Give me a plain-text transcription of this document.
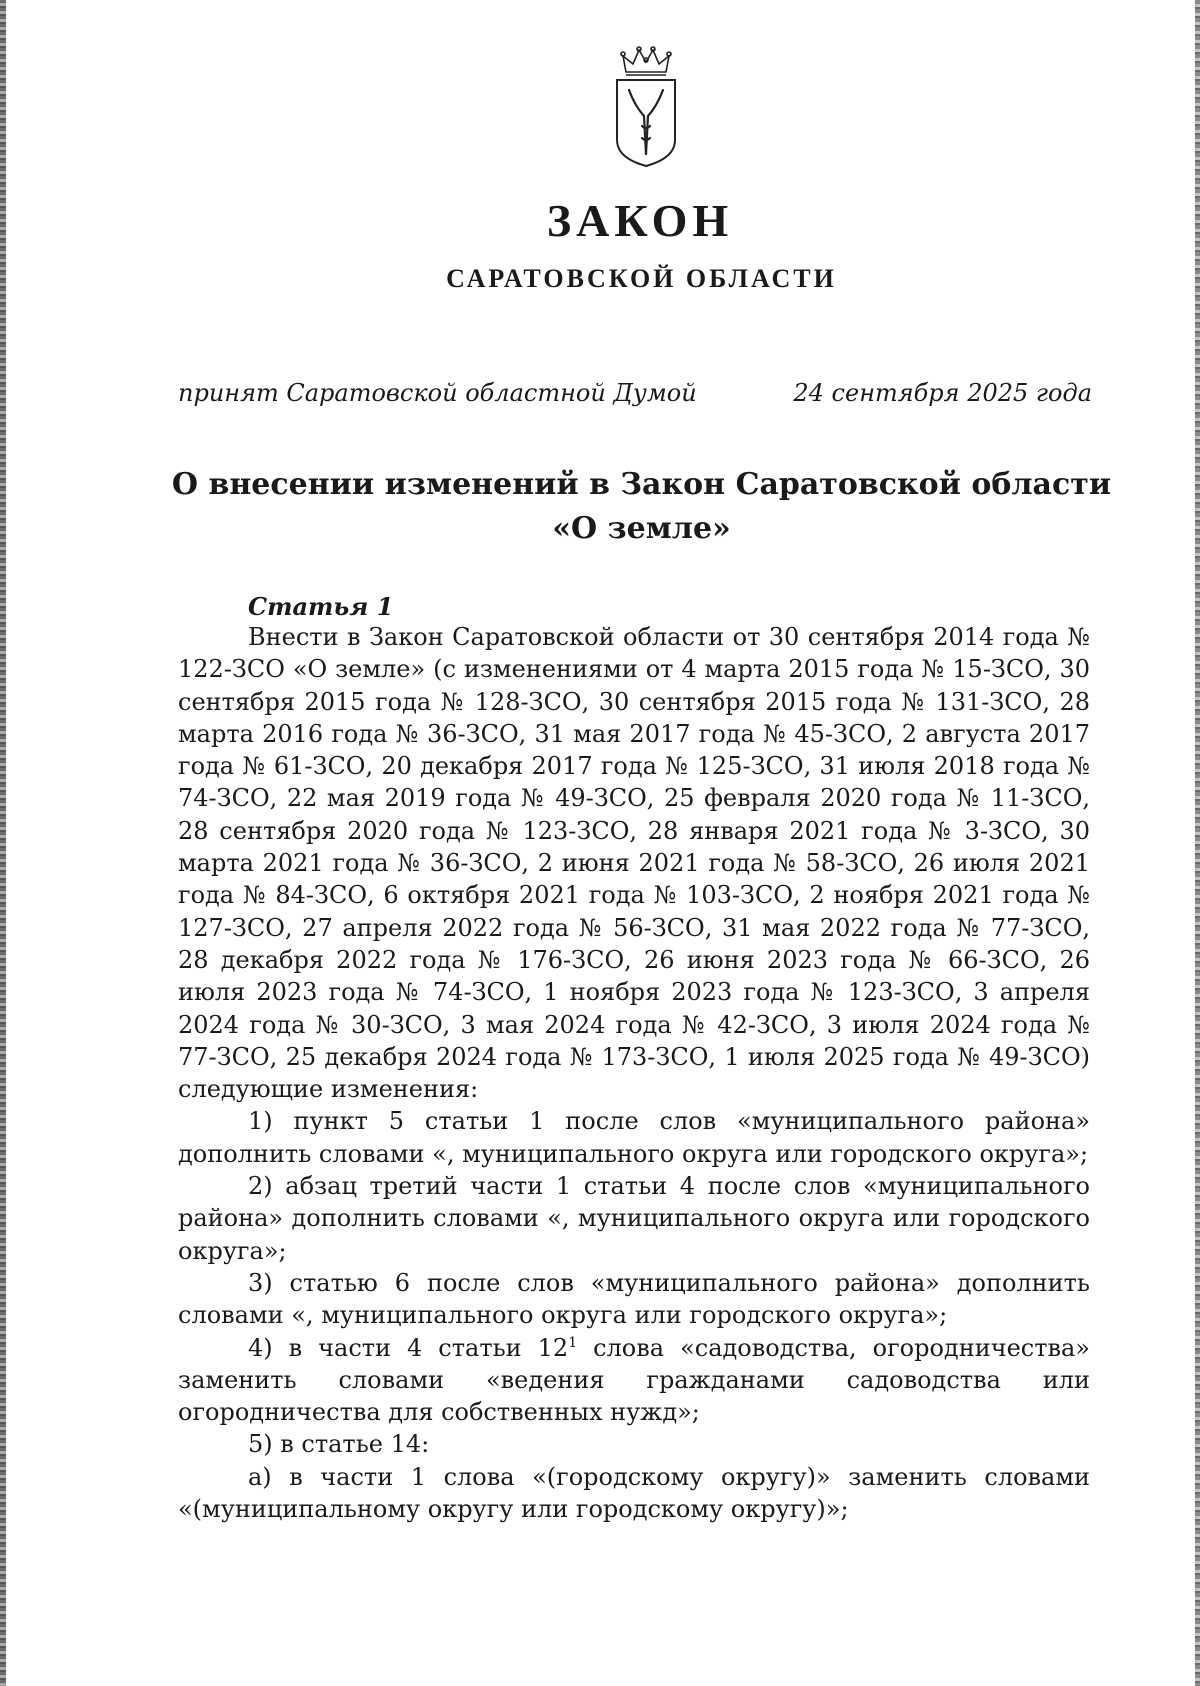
ЗАКОН
САРАТОВСКОЙ ОБЛАСТИ
принят Саратовской областной Думой	24 сентября 2025 года
О внесении изменений в Закон Саратовской области
«О земле»
Статья 1

Внести в Закон Саратовской области от 30 сентября 2014 года № 122-ЗСО «О земле» (с изменениями от 4 марта 2015 года № 15-ЗСО, 30 сентября 2015 года № 128-ЗСО, 30 сентября 2015 года № 131-ЗСО, 28 марта 2016 года № 36-ЗСО, 31 мая 2017 года № 45-ЗСО, 2 августа 2017 года № 61-ЗСО, 20 декабря 2017 года № 125-ЗСО, 31 июля 2018 года № 74-ЗСО, 22 мая 2019 года № 49-ЗСО, 25 февраля 2020 года № 11-ЗСО, 28 сентября 2020 года № 123-ЗСО, 28 января 2021 года № 3-ЗСО, 30 марта 2021 года № 36-ЗСО, 2 июня 2021 года № 58-ЗСО, 26 июля 2021 года № 84-ЗСО, 6 октября 2021 года № 103-ЗСО, 2 ноября 2021 года № 127-ЗСО, 27 апреля 2022 года № 56-ЗСО, 31 мая 2022 года № 77-ЗСО, 28 декабря 2022 года № 176-ЗСО, 26 июня 2023 года № 66-ЗСО, 26 июля 2023 года № 74-ЗСО, 1 ноября 2023 года № 123-ЗСО, 3 апреля 2024 года № 30-ЗСО, 3 мая 2024 года № 42-ЗСО, 3 июля 2024 года № 77-ЗСО, 25 декабря 2024 года № 173-ЗСО, 1 июля 2025 года № 49-ЗСО) следующие изменения:

1) пункт 5 статьи 1 после слов «муниципального района» дополнить словами «, муниципального округа или городского округа»;

2) абзац третий части 1 статьи 4 после слов «муниципального района» дополнить словами «, муниципального округа или городского округа»;

3) статью 6 после слов «муниципального района» дополнить словами «, муниципального округа или городского округа»;

4) в части 4 статьи $12^1$ слова «садоводства, огородничества» заменить словами «ведения гражданами садоводства или огородничества для собственных нужд»;

5) в статье 14:

а) в части 1 слова «(городскому округу)» заменить словами «(муниципальному округу или городскому округу)»;
